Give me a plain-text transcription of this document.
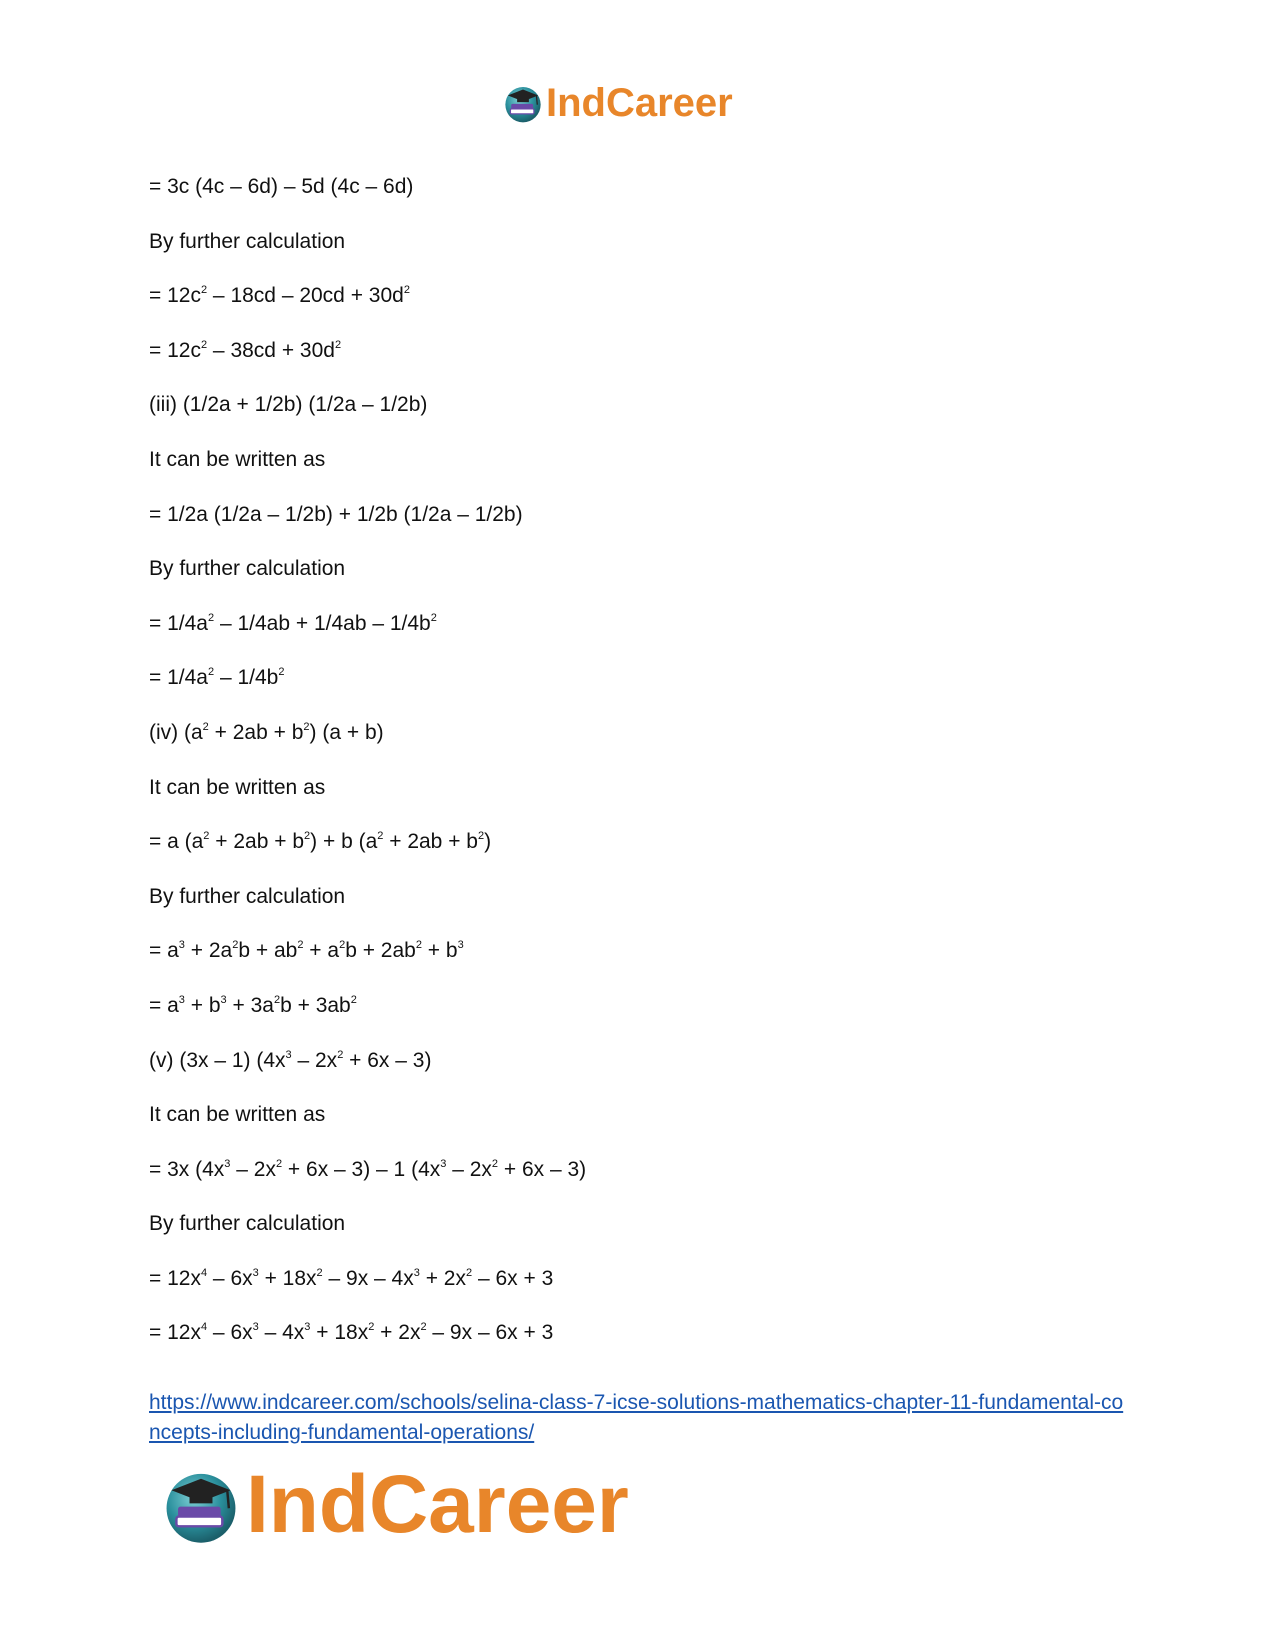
IndCareer
= 3c (4c – 6d) – 5d (4c – 6d)
By further calculation
= $12c^2 - 18cd - 20cd + 30d^2$
= $12c^2 - 38cd + 30d^2$
(iii) (1/2a + 1/2b) (1/2a – 1/2b)
It can be written as
= 1/2a (1/2a – 1/2b) + 1/2b (1/2a – 1/2b)
By further calculation
= $1/4a^2 - 1/4ab + 1/4ab - 1/4b^2$
= $1/4a^2 - 1/4b^2$
(iv) $(a^2 + 2ab + b^2) (a + b)$
It can be written as
= a $(a^2 + 2ab + b^2) + b$ $(a^2 + 2ab + b^2)$
By further calculation
= $a^3 + 2a^2b + ab^2 + a^2b + 2ab^2 + b^3$
= $a^3 + b^3 + 3a^2b + 3ab^2$
(v) (3x – 1) $(4x^3 - 2x^2 + 6x - 3)$
It can be written as
= 3x $(4x^3 - 2x^2 + 6x - 3) - 1$ $(4x^3 - 2x^2 + 6x - 3)$
By further calculation
= $12x^4 - 6x^3 + 18x^2 - 9x - 4x^3 + 2x^2 - 6x + 3$
= $12x^4 - 6x^3 - 4x^3 + 18x^2 + 2x^2 - 9x - 6x + 3$
https://www.indcareer.com/schools/selina-class-7-icse-solutions-mathematics-chapter-11-fundamental-concepts-including-fundamental-operations/
IndCareer
